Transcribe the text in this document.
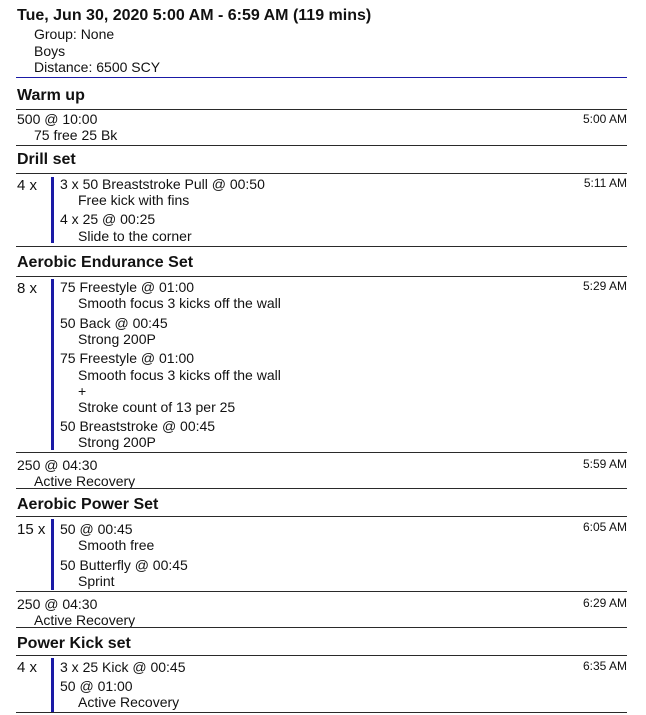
Tue, Jun 30, 2020 5:00 AM - 6:59 AM (119 mins)
Group: None
Boys
Distance: 6500 SCY
Warm up
500 @ 10:00
75 free 25 Bk
5:00 AM
Drill set
4 x 3 x 50 Breaststroke Pull @ 00:50
Free kick with fins
4 x 25 @ 00:25
Slide to the corner
5:11 AM
Aerobic Endurance Set
8 x 75 Freestyle @ 01:00
Smooth focus 3 kicks off the wall
50 Back @ 00:45
Strong 200P
75 Freestyle @ 01:00
Smooth focus 3 kicks off the wall
+
Stroke count of 13 per 25
50 Breaststroke @ 00:45
Strong 200P
5:29 AM
250 @ 04:30
Active Recovery
5:59 AM
Aerobic Power Set
15 x 50 @ 00:45
Smooth free
50 Butterfly @ 00:45
Sprint
6:05 AM
250 @ 04:30
Active Recovery
6:29 AM
Power Kick set
4 x 3 x 25 Kick @ 00:45
50 @ 01:00
Active Recovery
6:35 AM
